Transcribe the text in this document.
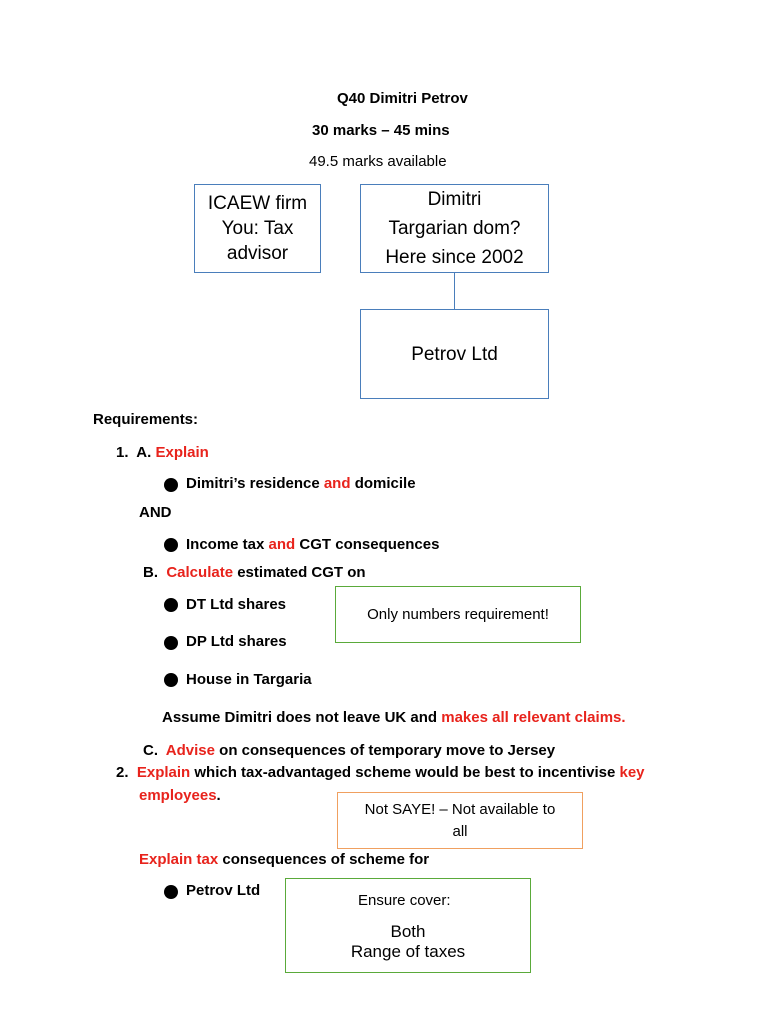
Q40 Dimitri Petrov
30 marks – 45 mins
49.5 marks available
ICAEW firm
You: Tax
advisor
Dimitri
Targarian dom?
Here since 2002
Petrov Ltd
Requirements:
1. A. Explain
Dimitri’s residence and domicile
AND
Income tax and CGT consequences
B. Calculate estimated CGT on
DT Ltd shares
DP Ltd shares
House in Targaria
Only numbers requirement!
Assume Dimitri does not leave UK and makes all relevant claims.
C. Advise on consequences of temporary move to Jersey
2. Explain which tax-advantaged scheme would be best to incentivise key
employees.
Not SAYE! – Not available to
all
Explain tax consequences of scheme for
Petrov Ltd
Ensure cover:
Both
Range of taxes
